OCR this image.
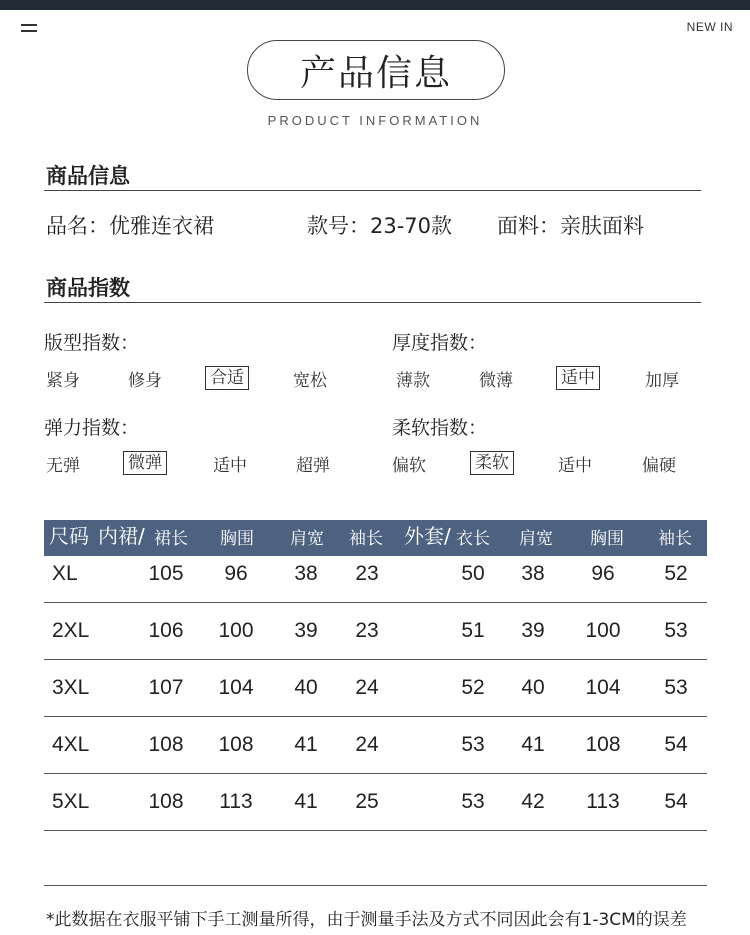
NEW IN
产品信息
PRODUCT INFORMATION
商品信息
品名：优雅连衣裙	款号：23-70款 面料：亲肤面料
商品指数
版型指数：
紧身	修身	合适	宽松
厚度指数：
薄款	微薄	适中	加厚
弹力指数：
无弹	微弹	适中	超弹
柔软指数：
偏软	柔软	适中	偏硬
尺码 内裙/ 裙长 胸围 肩宽 袖长 外套/ 衣长 肩宽 胸围 袖长
XL	105	96	38	23	50	38	96	52
2XL	106	100	39	23	51	39	100	53
3XL	107	104	40	24	52	40	104	53
4XL	108	108	41	24	53	41	108	54
5XL	108	113	41	25	53	42	113	54
*此数据在衣服平铺下手工测量所得，由于测量手法及方式不同因此会有1-3CM的误差
